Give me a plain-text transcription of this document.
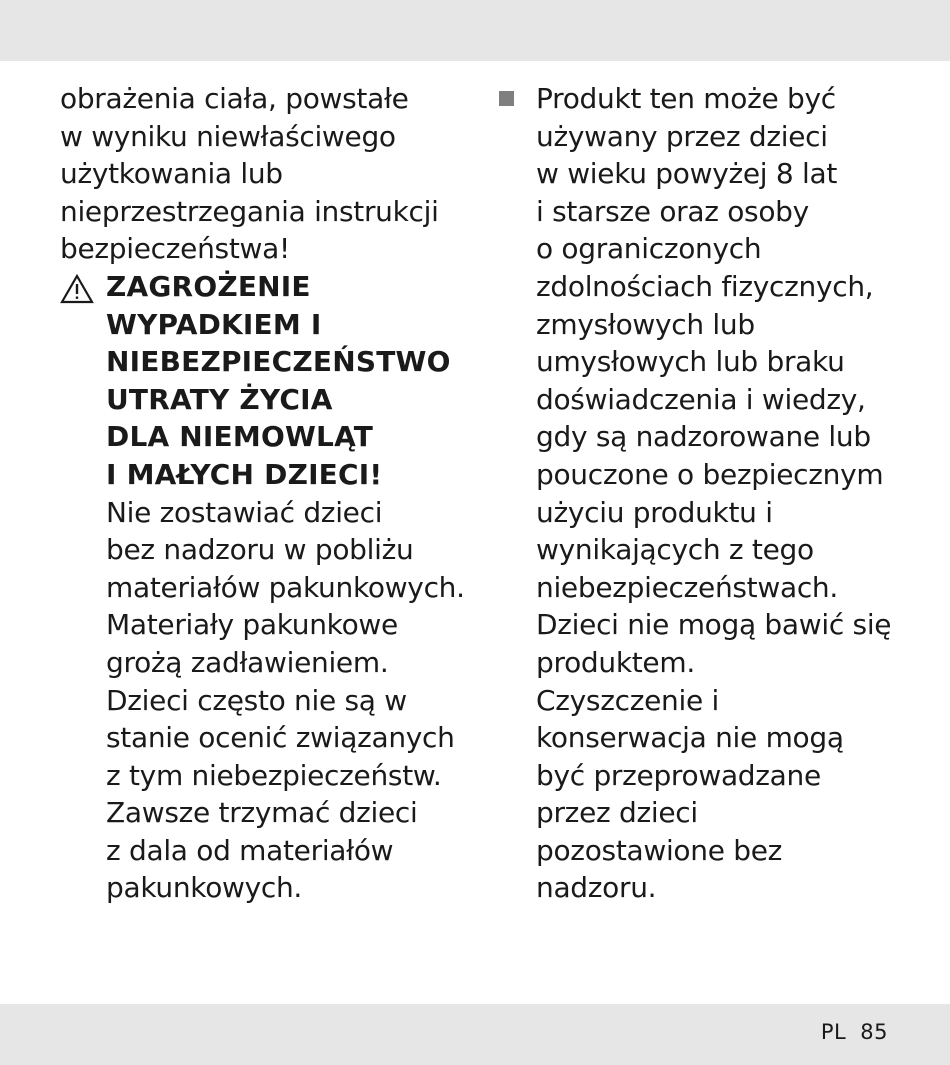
obrażenia ciała, powstałe
w wyniku niewłaściwego
użytkowania lub
nieprzestrzegania instrukcji
bezpieczeństwa!
ZAGROŻENIE
WYPADKIEM I
NIEBEZPIECZEŃSTWO
UTRATY ŻYCIA
DLA NIEMOWLĄT
I MAŁYCH DZIECI!
Nie zostawiać dzieci
bez nadzoru w pobliżu
materiałów pakunkowych.
Materiały pakunkowe
grożą zadławieniem.
Dzieci często nie są w
stanie ocenić związanych
z tym niebezpieczeństw.
Zawsze trzymać dzieci
z dala od materiałów
pakunkowych.
Produkt ten może być
używany przez dzieci
w wieku powyżej 8 lat
i starsze oraz osoby
o ograniczonych
zdolnościach fizycznych,
zmysłowych lub
umysłowych lub braku
doświadczenia i wiedzy,
gdy są nadzorowane lub
pouczone o bezpiecznym
użyciu produktu i
wynikających z tego
niebezpieczeństwach.
Dzieci nie mogą bawić się
produktem.
Czyszczenie i
konserwacja nie mogą
być przeprowadzane
przez dzieci
pozostawione bez
nadzoru.
PL 85
